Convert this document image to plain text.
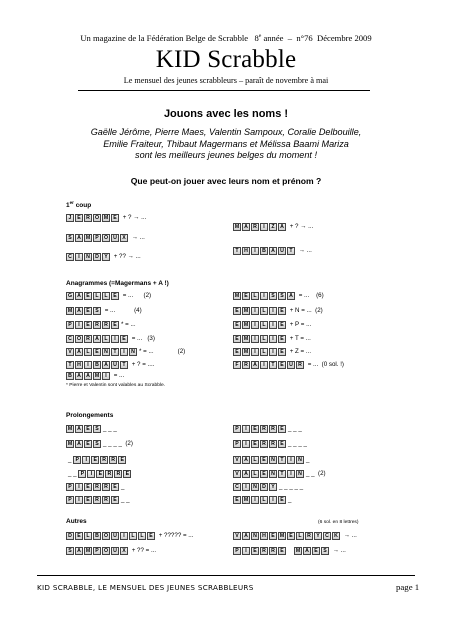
Un magazine de la Fédération Belge de Scrabble   8e année  –  n°76  Décembre 2009
KID Scrabble
Le mensuel des jeunes scrabbleurs – paraît de novembre à mai
Jouons avec les noms !
Gaëlle Jérôme, Pierre Maes, Valentin Sampoux, Coralie Delbouille,
Emilie Fraiteur, Thibaut Magermans et Mélissa Baami Mariza
sont les meilleurs jeunes belges du moment !
Que peut-on jouer avec leurs nom et prénom ?
1er coup
Anagrammes (=Magermans + A !)
Prolongements
Autres
* Pierre et Valentin sont valables au Scrabble.
(6 sol. en 8 lettres)
J	E	R O M E + ? → ...
S	A M P	O U	X → ...
C	I	N	D	Y + ?? → ...
M A	R	I	Z	A + ? → ...
T	H	I	B	A	U	T → ...
G A	E	L	L	E = ...      (2)
M A	E	S = ...           (4)
P	I	E	R	R	E * = ...
C O R	A	L	I	E = ...   (3)
V	A	L	E	N	T	I	N * = ...              (2)
T	H	I	B	A	U	T + ? = ....
B	A	A M	I = ...
M E	L	I	S	S	A = ...    (6)
E M	I	L	I	E + N = ...  (2)
E M	I	L	I	E + P = ...
E M	I	L	I	E + T = ...
E M	I	L	I	E + Z = ...
F	R	A	I	T	E	U	R = ...  (0 sol. !)
M A	E	S _ _ _
M A	E	S _ _ _ _  (2)
_ P	I	E	R	R	E
_ _ P	I	E	R	R	E
P	I	E	R	R	E _
P	I	E	R	R	E _ _
P	I	E	R	R	E _ _ _
P	I	E	R	R	E _ _ _ _
V	A	L	E	N	T	I	N _
V	A	L	E	N	T	I	N _ _  (2)
C	I	N	D	Y _ _ _ _ _
E M	I	L	I	E _
D	E	L	B O U	I	L	L	E + ????? = ...
S	A M P	O U	X + ?? = ...
V	A	N	H	E M E	L	R	Y	C	K → ...
P	I	E	R	R	E	M A	E	S → ...
KID SCRABBLE, LE MENSUEL DES JEUNES SCRABBLEURS	page 1
